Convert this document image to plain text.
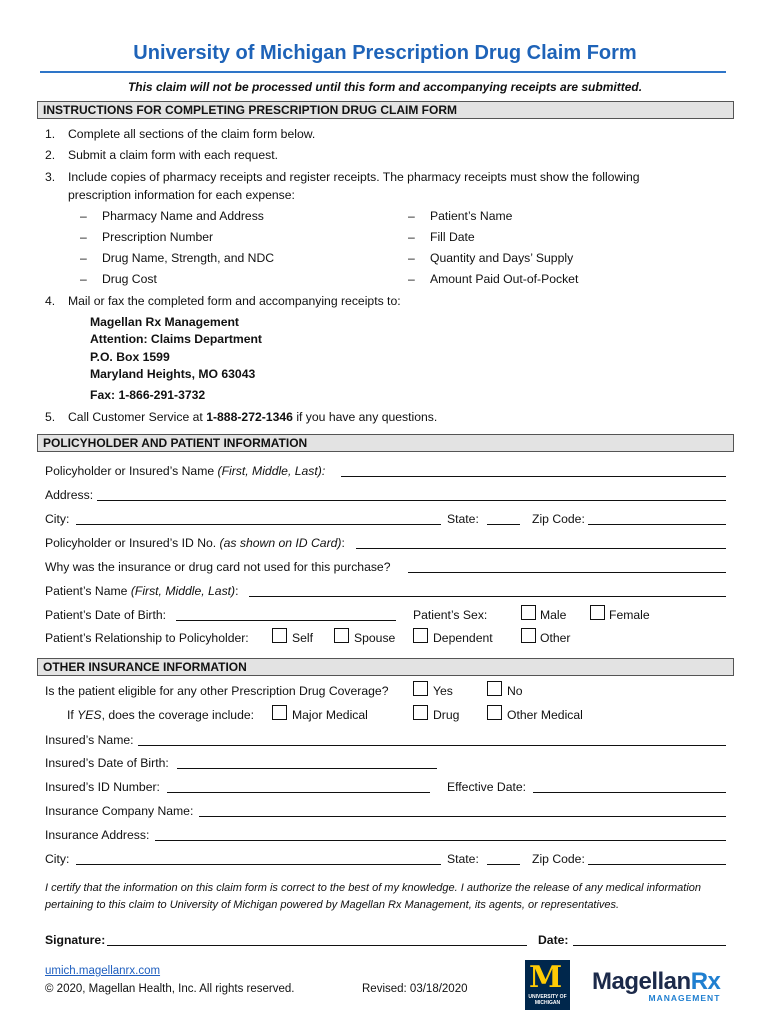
University of Michigan Prescription Drug Claim Form
This claim will not be processed until this form and accompanying receipts are submitted.
INSTRUCTIONS FOR COMPLETING PRESCRIPTION DRUG CLAIM FORM
1. Complete all sections of the claim form below.
2. Submit a claim form with each request.
3. Include copies of pharmacy receipts and register receipts. The pharmacy receipts must show the following
prescription information for each expense:
– Pharmacy Name and Address
– Prescription Number
– Drug Name, Strength, and NDC
– Drug Cost
– Patient’s Name
– Fill Date
– Quantity and Days’ Supply
– Amount Paid Out-of-Pocket
4. Mail or fax the completed form and accompanying receipts to:
Magellan Rx Management
Attention: Claims Department
P.O. Box 1599
Maryland Heights, MO 63043
Fax: 1-866-291-3732
5. Call Customer Service at 1-888-272-1346 if you have any questions.
POLICYHOLDER AND PATIENT INFORMATION
Policyholder or Insured’s Name (First, Middle, Last):
Address:
City:	State:	Zip Code:
Policyholder or Insured’s ID No. (as shown on ID Card):
Why was the insurance or drug card not used for this purchase?
Patient’s Name (First, Middle, Last):
Patient’s Date of Birth:	Patient’s Sex:	Male	Female
Patient’s Relationship to Policyholder:	Self	Spouse	Dependent	Other
OTHER INSURANCE INFORMATION
Is the patient eligible for any other Prescription Drug Coverage?	Yes	No
If YES, does the coverage include:	Major Medical	Drug	Other Medical
Insured’s Name:
Insured’s Date of Birth:
Insured’s ID Number:	Effective Date:
Insurance Company Name:
Insurance Address:
City:	State:	Zip Code:
I certify that the information on this claim form is correct to the best of my knowledge. I authorize the release of any medical information pertaining to this claim to University of Michigan powered by Magellan Rx Management, its agents, or representatives.
Signature:	Date:
umich.magellanrx.com
© 2020, Magellan Health, Inc. All rights reserved.	Revised: 03/18/2020 M
UNIVERSITY OF MICHIGAN
MagellanRx
MANAGEMENT
